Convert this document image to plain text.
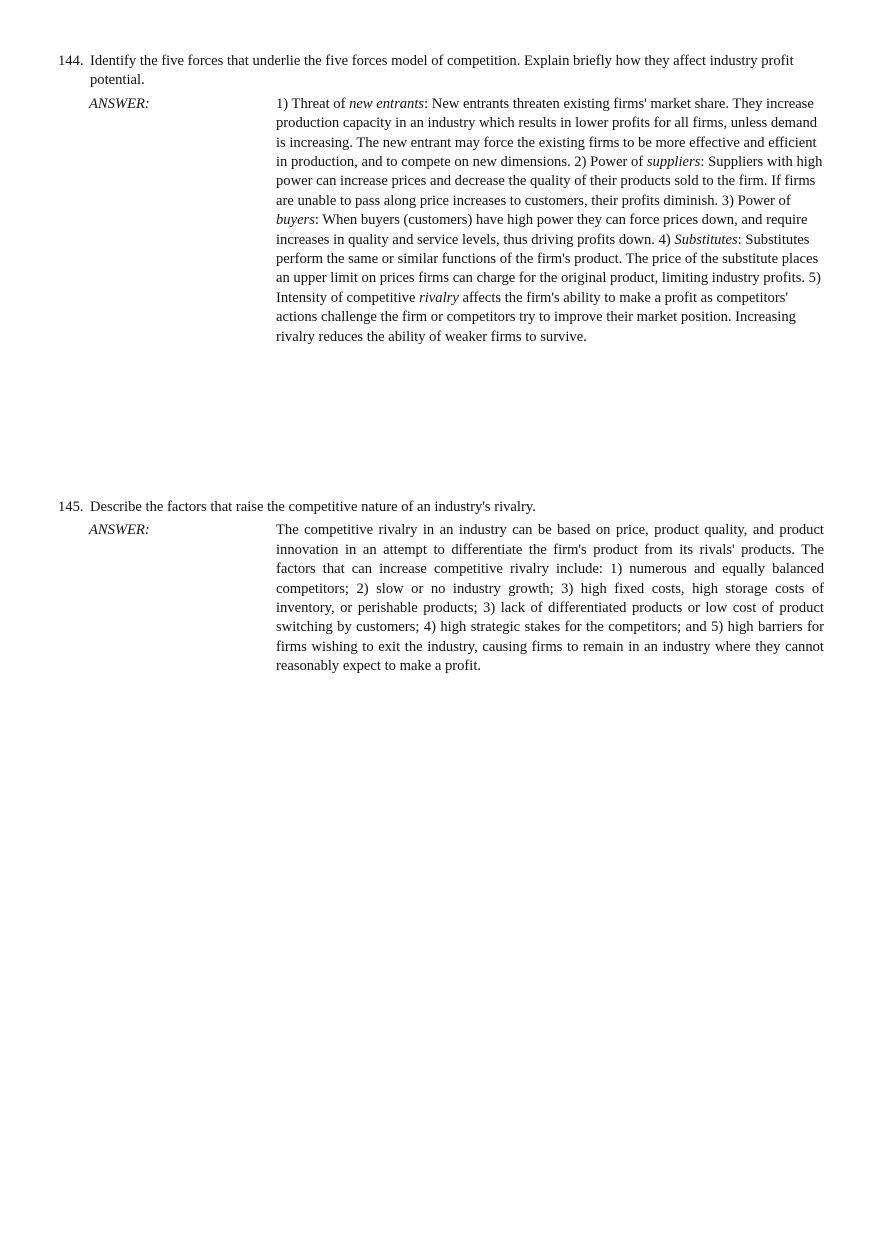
144. Identify the five forces that underlie the five forces model of competition. Explain briefly how they affect industry profit potential.
ANSWER:	1) Threat of new entrants: New entrants threaten existing firms' market share. They increase production capacity in an industry which results in lower profits for all firms, unless demand is increasing. The new entrant may force the existing firms to be more effective and efficient in production, and to compete on new dimensions. 2) Power of suppliers: Suppliers with high power can increase prices and decrease the quality of their products sold to the firm. If firms are unable to pass along price increases to customers, their profits diminish. 3) Power of buyers: When buyers (customers) have high power they can force prices down, and require increases in quality and service levels, thus driving profits down. 4) Substitutes: Substitutes perform the same or similar functions of the firm's product. The price of the substitute places an upper limit on prices firms can charge for the original product, limiting industry profits. 5) Intensity of competitive rivalry affects the firm's ability to make a profit as competitors' actions challenge the firm or competitors try to improve their market position. Increasing rivalry reduces the ability of weaker firms to survive.
145. Describe the factors that raise the competitive nature of an industry's rivalry.
ANSWER:	The competitive rivalry in an industry can be based on price, product quality, and product innovation in an attempt to differentiate the firm's product from its rivals' products. The factors that can increase competitive rivalry include: 1) numerous and equally balanced competitors; 2) slow or no industry growth; 3) high fixed costs, high storage costs of inventory, or perishable products; 3) lack of differentiated products or low cost of product switching by customers; 4) high strategic stakes for the competitors; and 5) high barriers for firms wishing to exit the industry, causing firms to remain in an industry where they cannot reasonably expect to make a profit.
